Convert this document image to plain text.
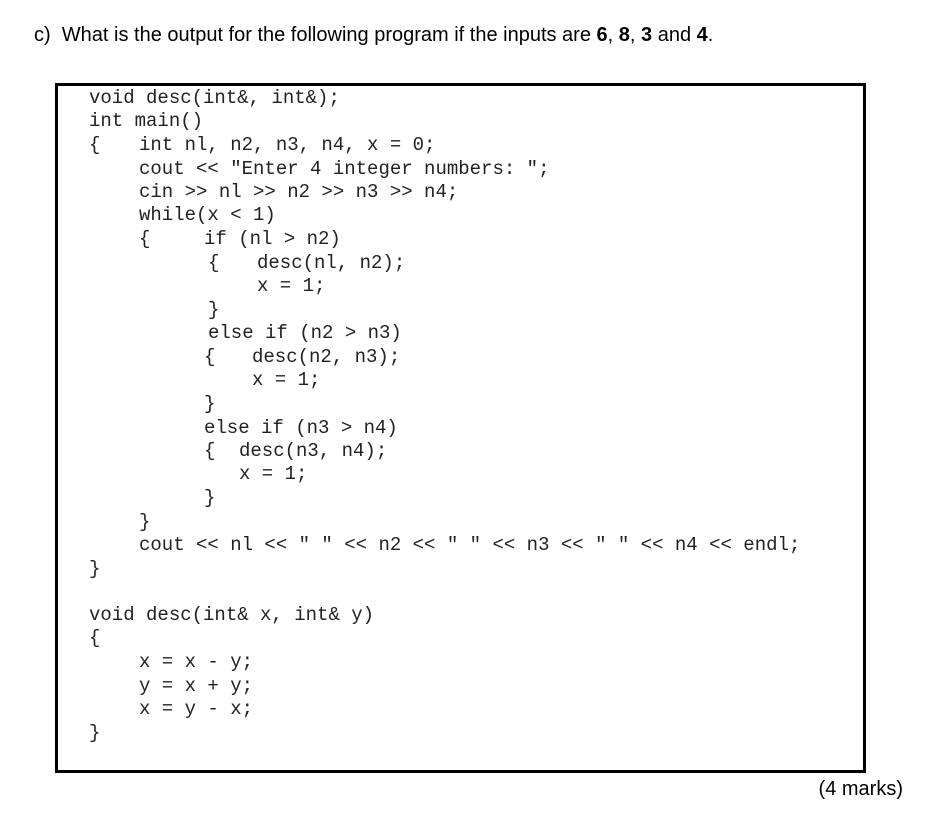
c) What is the output for the following program if the inputs are 6, 8, 3 and 4.
void desc(int&, int&);
int main()
{ int nl, n2, n3, n4, x = 0;
cout << "Enter 4 integer numbers: ";
cin >> nl >> n2 >> n3 >> n4;
while(x < 1)
{	if (nl > n2)
{ desc(nl, n2);
x = 1;
}
else if (n2 > n3)
{ desc(n2, n3);
x = 1;
}
else if (n3 > n4)
{ desc(n3, n4);
x = 1;
}
}
cout << nl << " " << n2 << " " << n3 << " " << n4 << endl;
}
void desc(int& x, int& y)
{
x = x - y;
y = x + y;
x = y - x;
}
(4 marks)
